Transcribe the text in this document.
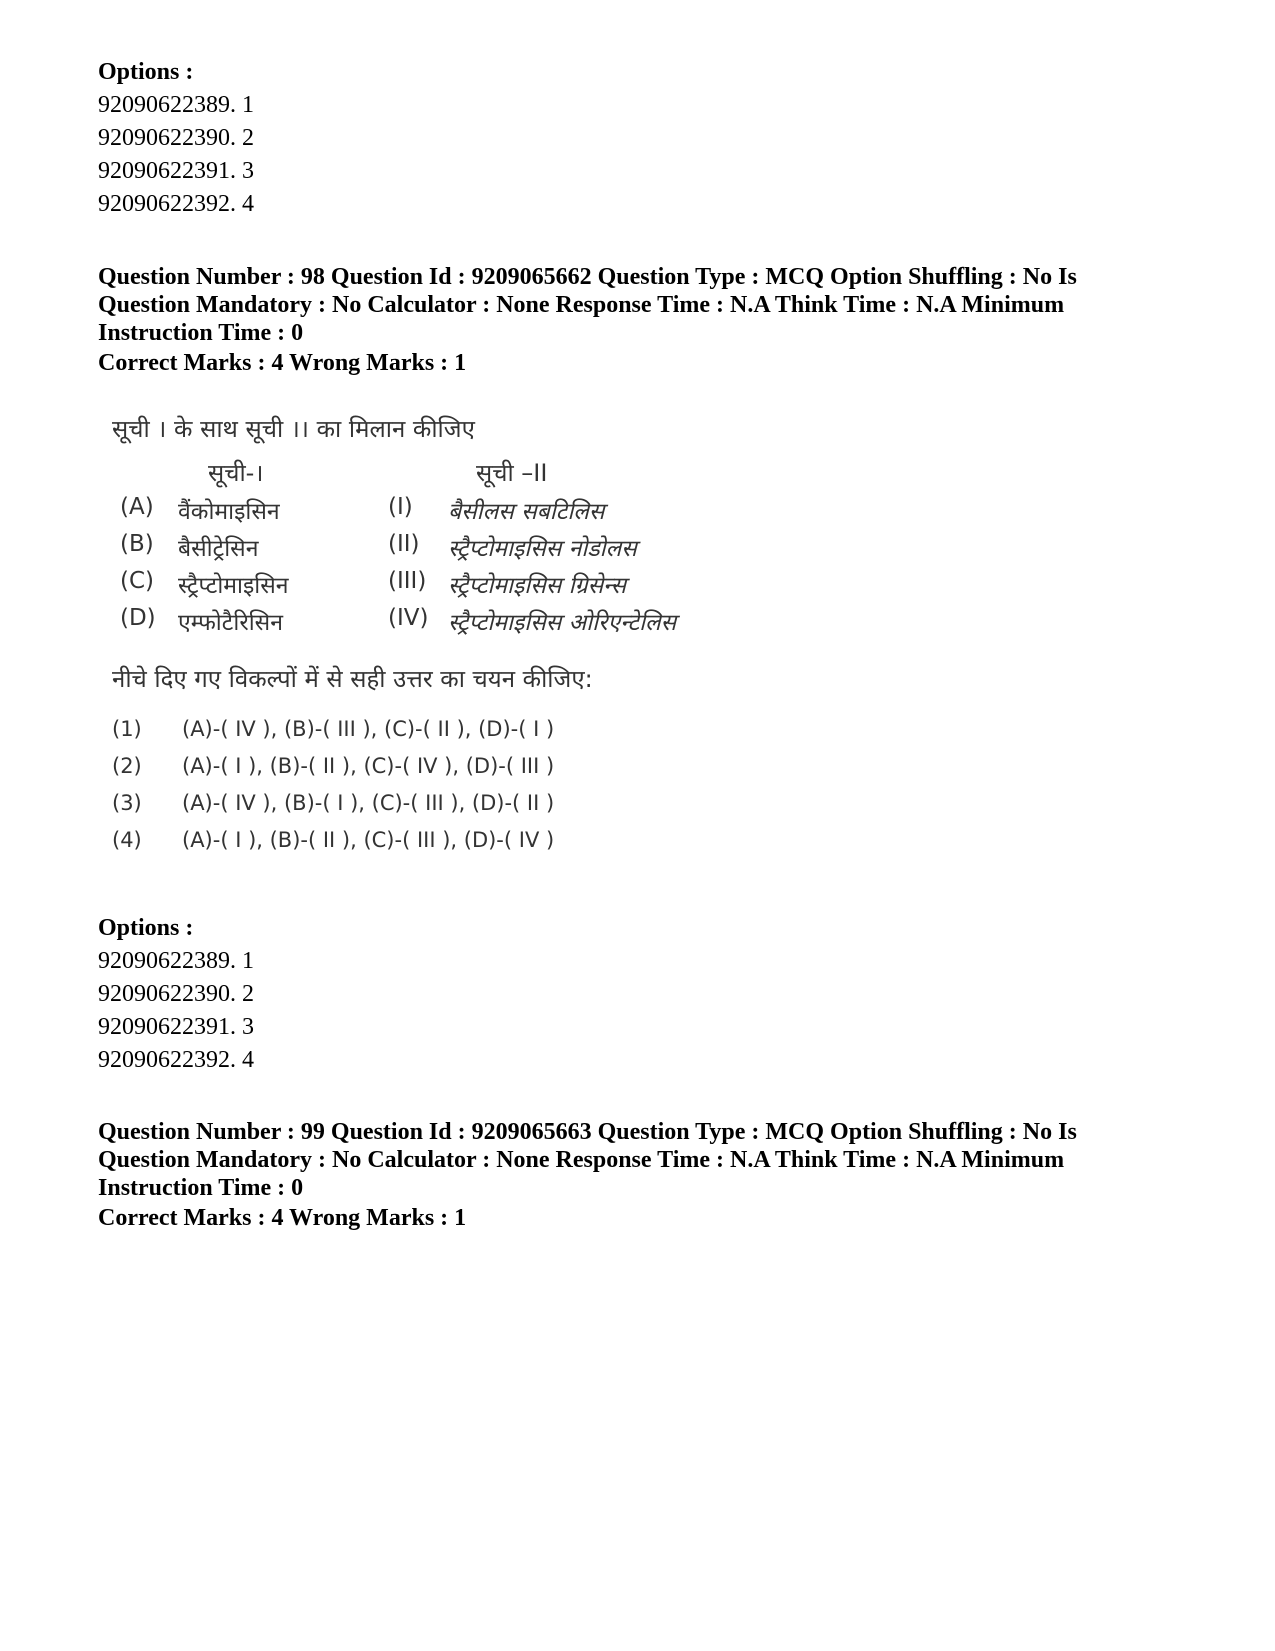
Options :
92090622389. 1
92090622390. 2
92090622391. 3
92090622392. 4
Question Number : 98 Question Id : 9209065662 Question Type : MCQ Option Shuffling : No Is
Question Mandatory : No Calculator : None Response Time : N.A Think Time : N.A Minimum
Instruction Time : 0
Correct Marks : 4 Wrong Marks : 1
सूची । के साथ सूची ।। का मिलान कीजिए
सूची-।	सूची –II
(A) वैंकोमाइसिन	(I) बैसीलस सबटिलिस
(B) बैसीट्रेसिन	(II) स्ट्रैप्टोमाइसिस नोडोलस
(C) स्ट्रैप्टोमाइसिन	(III) स्ट्रैप्टोमाइसिस ग्रिसेन्स
(D) एम्फोटैरिसिन	(IV) स्ट्रैप्टोमाइसिस ओरिएन्टेलिस
नीचे दिए गए विकल्पों में से सही उत्तर का चयन कीजिए:
(1) (A)-( IV ), (B)-( III ), (C)-( II ), (D)-( I )
(2) (A)-( I ), (B)-( II ), (C)-( IV ), (D)-( III )
(3) (A)-( IV ), (B)-( I ), (C)-( III ), (D)-( II )
(4) (A)-( I ), (B)-( II ), (C)-( III ), (D)-( IV )
Options :
92090622389. 1
92090622390. 2
92090622391. 3
92090622392. 4
Question Number : 99 Question Id : 9209065663 Question Type : MCQ Option Shuffling : No Is
Question Mandatory : No Calculator : None Response Time : N.A Think Time : N.A Minimum
Instruction Time : 0
Correct Marks : 4 Wrong Marks : 1
